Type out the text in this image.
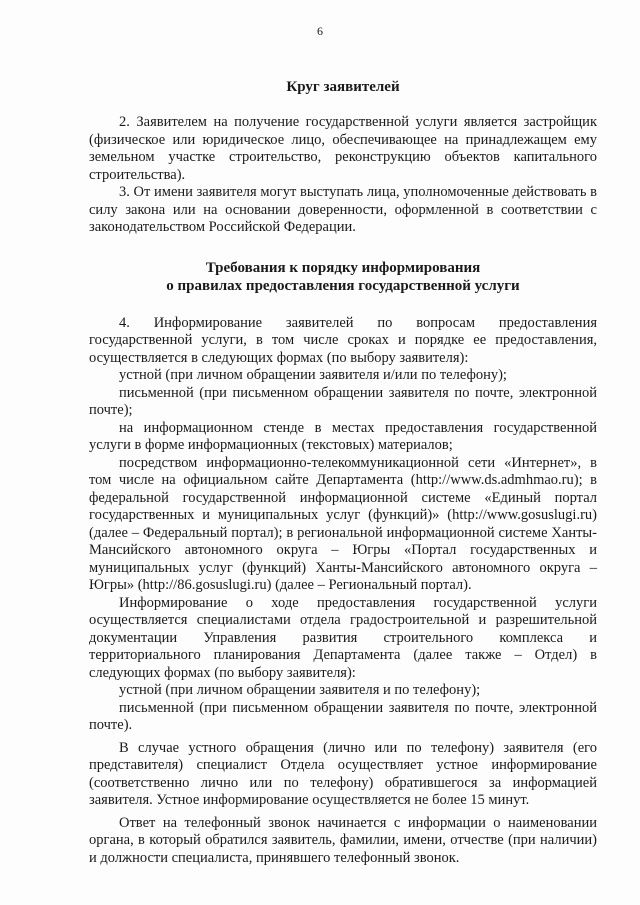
6
Круг заявителей

2. Заявителем на получение государственной услуги является застройщик (физическое или юридическое лицо, обеспечивающее на принадлежащем ему земельном участке строительство, реконструкцию объектов капитального строительства).

3. От имени заявителя могут выступать лица, уполномоченные действовать в силу закона или на основании доверенности, оформленной в соответствии с законодательством Российской Федерации.

Требования к порядку информирования
о правилах предоставления государственной услуги

4. Информирование заявителей по вопросам предоставления государственной услуги, в том числе сроках и порядке ее предоставления, осуществляется в следующих формах (по выбору заявителя):

устной (при личном обращении заявителя и/или по телефону);

письменной (при письменном обращении заявителя по почте, электронной почте);

на информационном стенде в местах предоставления государственной услуги в форме информационных (текстовых) материалов;

посредством информационно-телекоммуникационной сети «Интернет», в том числе на официальном сайте Департамента (http://www.ds.admhmao.ru); в федеральной государственной информационной системе «Единый портал государственных и муниципальных услуг (функций)» (http://www.gosuslugi.ru) (далее – Федеральный портал); в региональной информационной системе Ханты-Мансийского автономного округа – Югры «Портал государственных и муниципальных услуг (функций) Ханты-Мансийского автономного округа – Югры» (http://86.gosuslugi.ru) (далее – Региональный портал).

Информирование о ходе предоставления государственной услуги осуществляется специалистами отдела градостроительной и разрешительной документации Управления развития строительного комплекса и территориального планирования Департамента (далее также – Отдел) в следующих формах (по выбору заявителя):

устной (при личном обращении заявителя и по телефону);

письменной (при письменном обращении заявителя по почте, электронной почте).

В случае устного обращения (лично или по телефону) заявителя (его представителя) специалист Отдела осуществляет устное информирование (соответственно лично или по телефону) обратившегося за информацией заявителя. Устное информирование осуществляется не более 15 минут.

Ответ на телефонный звонок начинается с информации о наименовании органа, в который обратился заявитель, фамилии, имени, отчестве (при наличии) и должности специалиста, принявшего телефонный звонок.
